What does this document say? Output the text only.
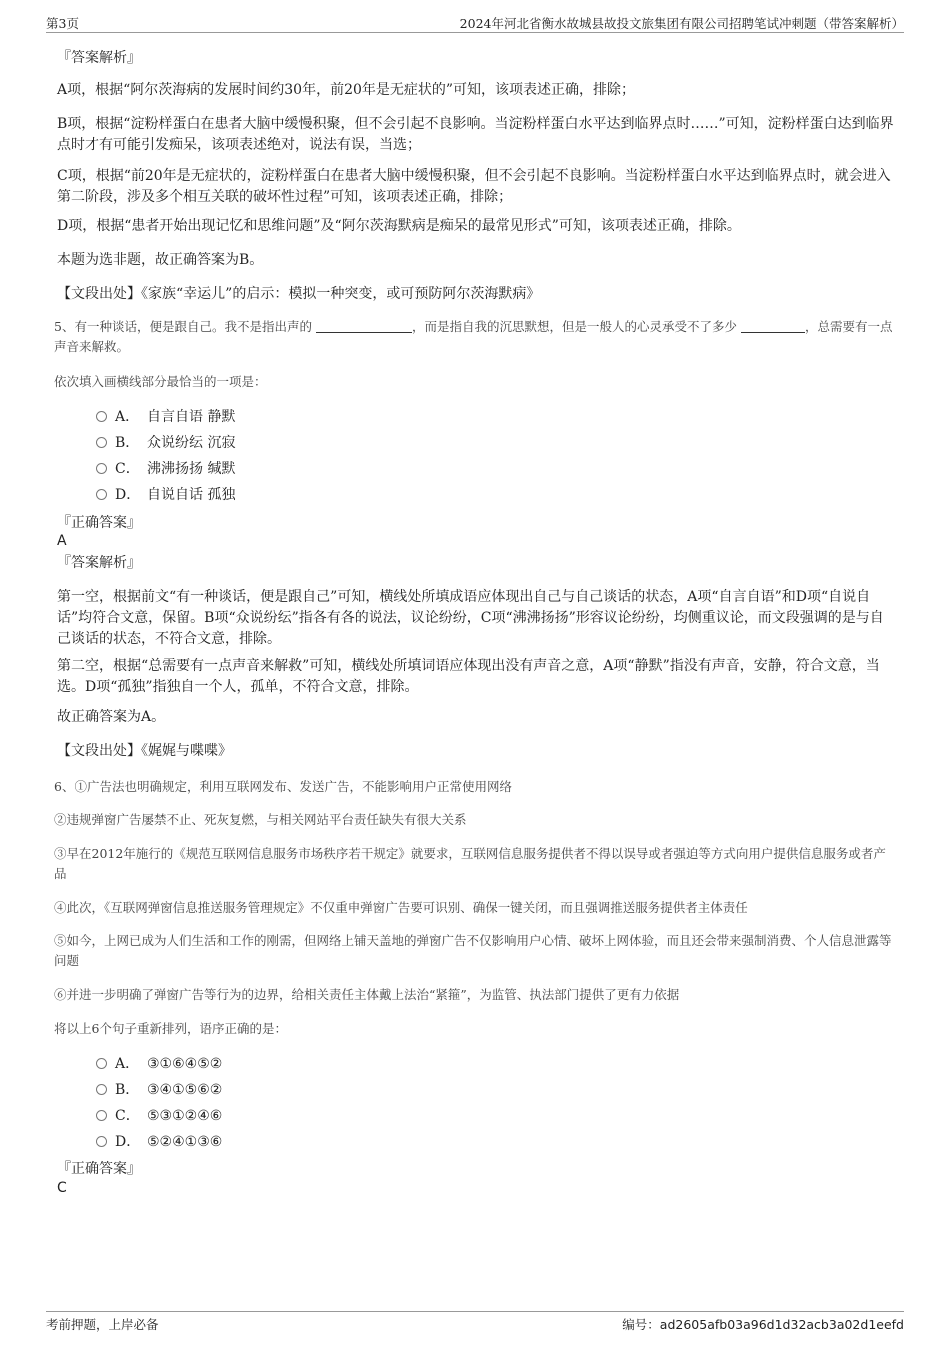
第3页	2024年河北省衡水故城县故投文旅集团有限公司招聘笔试冲刺题（带答案解析）
『答案解析』

A项，根据“阿尔茨海病的发展时间约30年，前20年是无症状的”可知，该项表述正确，排除；

B项，根据“淀粉样蛋白在患者大脑中缓慢积聚，但不会引起不良影响。当淀粉样蛋白水平达到临界点时……”可知，淀粉样蛋白达到临界点时才有可能引发痴呆，该项表述绝对，说法有误，当选；

C项，根据“前20年是无症状的，淀粉样蛋白在患者大脑中缓慢积聚，但不会引起不良影响。当淀粉样蛋白水平达到临界点时，就会进入第二阶段，涉及多个相互关联的破坏性过程”可知，该项表述正确，排除；

D项，根据“患者开始出现记忆和思维问题”及“阿尔茨海默病是痴呆的最常见形式”可知，该项表述正确，排除。

本题为选非题，故正确答案为B。

【文段出处】《家族“幸运儿”的启示：模拟一种突变，或可预防阿尔茨海默病》

5、有一种谈话，便是跟自己。我不是指出声的	，而是指自我的沉思默想，但是一般人的心灵承受不了多少	，总需要有一点声音来解救。

依次填入画横线部分最恰当的一项是：

A． 自言自语 静默
B． 众说纷纭 沉寂
C． 沸沸扬扬 缄默
D． 自说自话 孤独
『正确答案』
A
『答案解析』

第一空，根据前文“有一种谈话，便是跟自己”可知，横线处所填成语应体现出自己与自己谈话的状态，A项“自言自语”和D项“自说自话”均符合文意，保留。B项“众说纷纭”指各有各的说法，议论纷纷，C项“沸沸扬扬”形容议论纷纷，均侧重议论，而文段强调的是与自己谈话的状态，不符合文意，排除。

第二空，根据“总需要有一点声音来解救”可知，横线处所填词语应体现出没有声音之意，A项“静默”指没有声音，安静，符合文意，当选。D项“孤独”指独自一个人，孤单，不符合文意，排除。

故正确答案为A。

【文段出处】《娓娓与喋喋》

6、①广告法也明确规定，利用互联网发布、发送广告，不能影响用户正常使用网络

②违规弹窗广告屡禁不止、死灰复燃，与相关网站平台责任缺失有很大关系

③早在2012年施行的《规范互联网信息服务市场秩序若干规定》就要求，互联网信息服务提供者不得以误导或者强迫等方式向用户提供信息服务或者产品

④此次，《互联网弹窗信息推送服务管理规定》不仅重申弹窗广告要可识别、确保一键关闭，而且强调推送服务提供者主体责任

⑤如今，上网已成为人们生活和工作的刚需，但网络上铺天盖地的弹窗广告不仅影响用户心情、破坏上网体验，而且还会带来强制消费、个人信息泄露等问题

⑥并进一步明确了弹窗广告等行为的边界，给相关责任主体戴上法治“紧箍”，为监管、执法部门提供了更有力依据

将以上6个句子重新排列，语序正确的是：

A． ③①⑥④⑤②
B． ③④①⑤⑥②
C． ⑤③①②④⑥
D． ⑤②④①③⑥
『正确答案』
C
考前押题，上岸必备	编号：ad2605afb03a96d1d32acb3a02d1eefd
